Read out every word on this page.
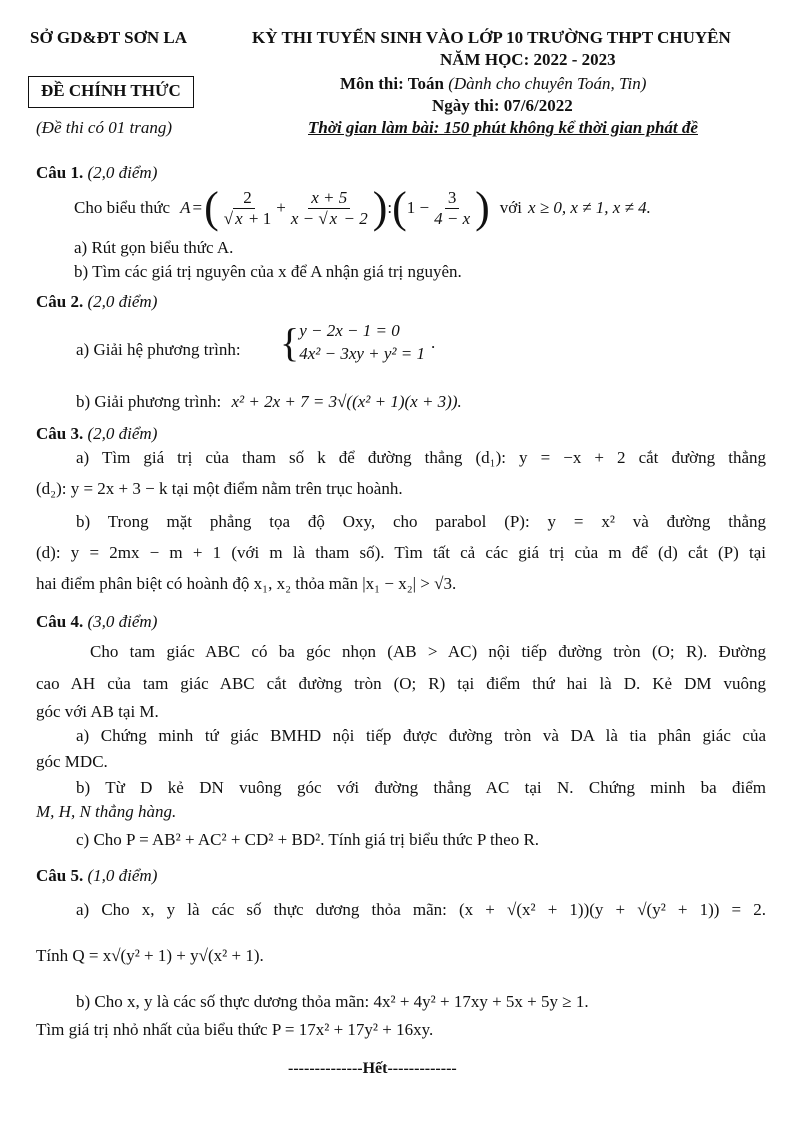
SỞ GD&ĐT SƠN LA
ĐỀ CHÍNH THỨC
(Đề thi có 01 trang)
KỲ THI TUYỂN SINH VÀO LỚP 10 TRƯỜNG THPT CHUYÊN
NĂM HỌC: 2022 - 2023
Môn thi: Toán (Dành cho chuyên Toán, Tin)
Ngày thi: 07/6/2022
Thời gian làm bài: 150 phút không kể thời gian phát đề
Câu 1. (2,0 điểm)
Cho biểu thức A = ( $\frac{2}{√ x + 1} + \frac{x + 5}{x - √ x - 2}$ ) : ( $1 - \frac{3}{4 - x}$ ) với x ≥ 0, x ≠ 1, x ≠ 4.
a) Rút gọn biểu thức A.
b) Tìm các giá trị nguyên của x để A nhận giá trị nguyên.
Câu 2. (2,0 điểm)
a) Giải hệ phương trình: { y − 2x − 1 = 0
4x² − 3xy + y² = 1
.
b) Giải phương trình: x² + 2x + 7 = 3√((x² + 1)(x + 3)).
Câu 3. (2,0 điểm)
a) Tìm giá trị của tham số k để đường thẳng (d₁): y = −x + 2 cắt đường thẳng
(d₂): y = 2x + 3 − k tại một điểm nằm trên trục hoành.
b) Trong mặt phẳng tọa độ Oxy, cho parabol (P): y = x² và đường thẳng
(d): y = 2mx − m + 1 (với m là tham số). Tìm tất cả các giá trị của m để (d) cắt (P) tại
hai điểm phân biệt có hoành độ x₁, x₂ thỏa mãn |x₁ − x₂| > √3.
Câu 4. (3,0 điểm)
Cho tam giác ABC có ba góc nhọn (AB > AC) nội tiếp đường tròn (O; R). Đường
cao AH của tam giác ABC cắt đường tròn (O; R) tại điểm thứ hai là D. Kẻ DM vuông
góc với AB tại M.
a) Chứng minh tứ giác BMHD nội tiếp được đường tròn và DA là tia phân giác của
góc MDC.
b) Từ D kẻ DN vuông góc với đường thẳng AC tại N. Chứng minh ba điểm
M, H, N thẳng hàng.
c) Cho P = AB² + AC² + CD² + BD². Tính giá trị biểu thức P theo R.
Câu 5. (1,0 điểm)
a) Cho x, y là các số thực dương thỏa mãn: (x + √(x² + 1))(y + √(y² + 1)) = 2.
Tính Q = x√(y² + 1) + y√(x² + 1).
b) Cho x, y là các số thực dương thỏa mãn: 4x² + 4y² + 17xy + 5x + 5y ≥ 1.
Tìm giá trị nhỏ nhất của biểu thức P = 17x² + 17y² + 16xy.
--------------Hết-------------
